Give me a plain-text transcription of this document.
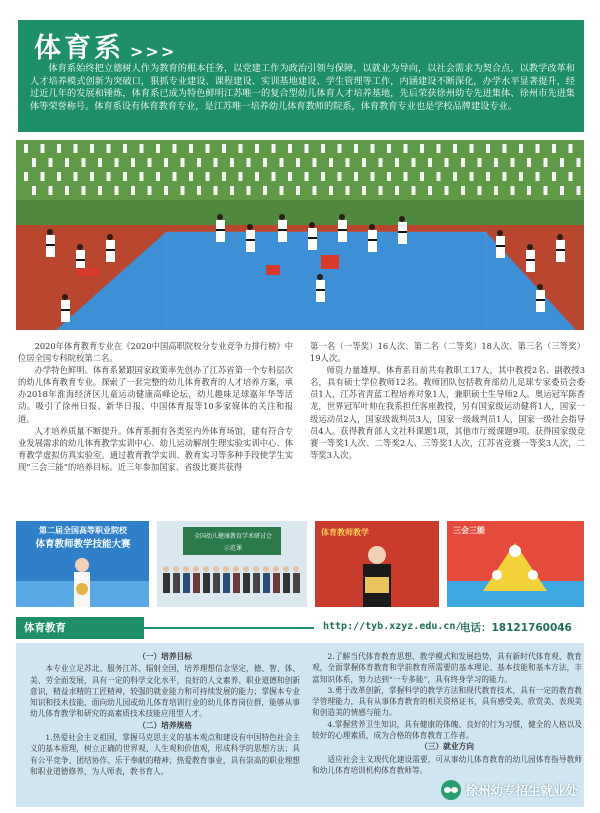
体育系 >>>
体育系始终把立德树人作为教育的根本任务，以党建工作为政治引领与保障，以就业为导向，以社会需求为契合点，以教学改革和人才培养模式创新为突破口，狠抓专业建设、课程建设、实训基地建设、学生管理等工作，内涵建设不断深化，办学水平显著提升，经过近几年的发展和锤炼，体育系已成为特色鲜明江苏唯一的复合型幼儿体育人才培养基地，先后荣获徐州幼专先进集体、徐州市先进集体等荣誉称号。体育系设有体育教育专业，是江苏唯一培养幼儿体育教师的院系，体育教育专业也是学校品牌建设专业。

2020年体育教育专业在《2020中国高职院校分专业竞争力排行榜》中位居全国专科院校第二名。

办学特色鲜明。体育系紧跟国家政策率先创办了江苏省第一个专科层次的幼儿体育教育专业。探索了一套完整的幼儿体育教育的人才培养方案，承办2018年淮海经济区儿童运动健康高峰论坛，幼儿趣味足球嘉年华等活动。吸引了徐州日报、新华日报、中国体育报等10多家媒体的关注和报道。

人才培养质量不断提升。体育系拥有各类室内外体育场馆，建有符合专业发展需求的幼儿体育教学实训中心、幼儿运动解剖生理实验实训中心、体育教学虚拟仿真实验室。通过教育教学实训、教育实习等多种手段使学生实现“三会三能”的培养目标。近三年参加国家、省级比赛共获得

第一名（一等奖）16人次、第二名（二等奖）18人次、第三名（三等奖）19人次。

师资力量雄厚。体育系目前共有教职工17人，其中教授2名、副教授3名，具有硕士学位教师12名。教师团队包括教育部幼儿足球专家委员会委员1人，江苏省青蓝工程培养对象1人，兼职硕士生导师2人。奥运冠军陈香龙，世界冠军叶帅在我系担任客座教授，另有国家级运动健将1人，国家一级运动员2人，国家级裁判员3人，国家一级裁判员1人，国家一级社会指导员4人。获得教育部人文社科课题1项，其他市厅级课题9项。获得国家级竞赛一等奖1人次、二等奖2人、三等奖1人次，江苏省竞赛一等奖3人次，二等奖3人次。

第二届全国高等职业院校
体育教师教学技能大赛
全国幼儿健康教育学术研讨会
示范课
体育教师教学	三会三能
体育教育	http://tyb.xzyz.edu.cn/
电话：18121760046
（一）培养目标

本专业立足苏北、服务江苏、辐射全国，培养理想信念坚定，德、智、体、美、劳全面发展，具有一定的科学文化水平，良好的人文素养、职业道德和创新意识，精益求精的工匠精神，较强的就业能力和可持续发展的能力；掌握本专业知识和技术技能，面向幼儿园或幼儿体育培训行业的幼儿体育岗位群，能够从事幼儿体育教学和研究的高素质技术技能应用型人才。

（二）培养规格

1.热爱社会主义祖国，掌握马克思主义的基本观点和建设有中国特色社会主义的基本原理，树立正确的世界观、人生观和价值观，形成科学的思想方法；具有公平竞争、团结协作、乐于奉献的精神；热爱教育事业，具有崇高的职业理想和职业道德修养，为人师表，教书育人。

2.了解当代体育教育思想、教学模式和发展趋势，具有新时代体育观、教育观，全面掌握体育教育和学前教育所需要的基本理论、基本技能和基本方法，丰富知识体系，努力达到“一专多能”，具有终身学习的能力。

3.勇于改革创新，掌握科学的教学方法和现代教育技术，具有一定的教育教学管理能力，具有从事体育教育的相关资格证书，具有感受美、欣赏美、表现美和创造美的情感与能力。

4.掌握营养卫生知识，具有健康的体魄、良好的行为习惯，健全的人格以及较好的心理素质，成为合格的体育教育工作者。

（三）就业方向

适应社会主义现代化建设需要，可从事幼儿体育教育的幼儿园体育指导教师和幼儿体育培训机构体育教师等。

徐州幼专招生就业处
